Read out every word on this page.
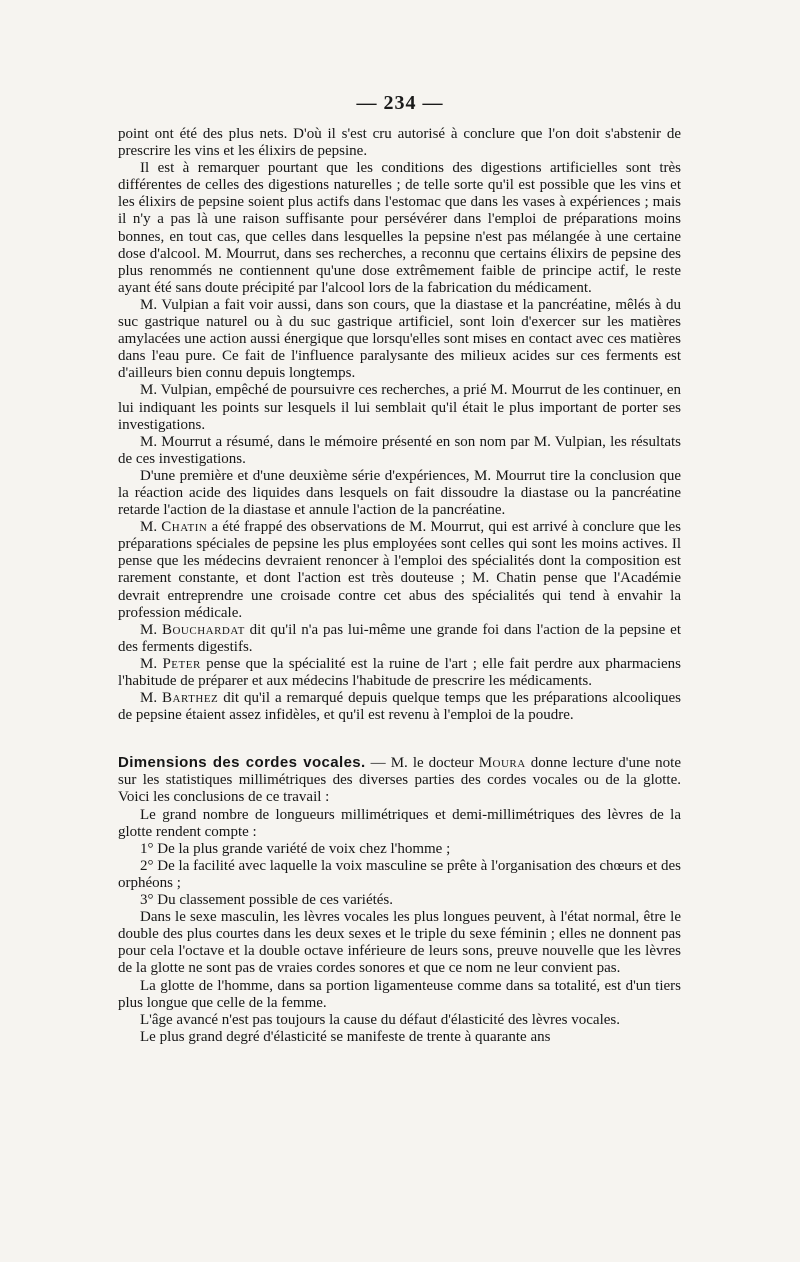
— 234 —

point ont été des plus nets. D'où il s'est cru autorisé à conclure que l'on doit s'abstenir de prescrire les vins et les élixirs de pepsine.

Il est à remarquer pourtant que les conditions des digestions artificielles sont très différentes de celles des digestions naturelles ; de telle sorte qu'il est possible que les vins et les élixirs de pepsine soient plus actifs dans l'estomac que dans les vases à expériences ; mais il n'y a pas là une raison suffisante pour persévérer dans l'emploi de préparations moins bonnes, en tout cas, que celles dans lesquelles la pepsine n'est pas mélangée à une certaine dose d'alcool. M. Mourrut, dans ses recherches, a reconnu que certains élixirs de pepsine des plus renommés ne contiennent qu'une dose extrêmement faible de principe actif, le reste ayant été sans doute précipité par l'alcool lors de la fabrication du médicament.

M. Vulpian a fait voir aussi, dans son cours, que la diastase et la pancréatine, mêlés à du suc gastrique naturel ou à du suc gastrique artificiel, sont loin d'exercer sur les matières amylacées une action aussi énergique que lorsqu'elles sont mises en contact avec ces matières dans l'eau pure. Ce fait de l'influence paralysante des milieux acides sur ces ferments est d'ailleurs bien connu depuis longtemps.

M. Vulpian, empêché de poursuivre ces recherches, a prié M. Mourrut de les continuer, en lui indiquant les points sur lesquels il lui semblait qu'il était le plus important de porter ses investigations.

M. Mourrut a résumé, dans le mémoire présenté en son nom par M. Vulpian, les résultats de ces investigations.

D'une première et d'une deuxième série d'expériences, M. Mourrut tire la conclusion que la réaction acide des liquides dans lesquels on fait dissoudre la diastase ou la pancréatine retarde l'action de la diastase et annule l'action de la pancréatine.

M. Chatin a été frappé des observations de M. Mourrut, qui est arrivé à conclure que les préparations spéciales de pepsine les plus employées sont celles qui sont les moins actives. Il pense que les médecins devraient renoncer à l'emploi des spécialités dont la composition est rarement constante, et dont l'action est très douteuse ; M. Chatin pense que l'Académie devrait entreprendre une croisade contre cet abus des spécialités qui tend à envahir la profession médicale.

M. Bouchardat dit qu'il n'a pas lui-même une grande foi dans l'action de la pepsine et des ferments digestifs.

M. Peter pense que la spécialité est la ruine de l'art ; elle fait perdre aux pharmaciens l'habitude de préparer et aux médecins l'habitude de prescrire les médicaments.

M. Barthez dit qu'il a remarqué depuis quelque temps que les préparations alcooliques de pepsine étaient assez infidèles, et qu'il est revenu à l'emploi de la poudre.

Dimensions des cordes vocales. — M. le docteur Moura donne lecture d'une note sur les statistiques millimétriques des diverses parties des cordes vocales ou de la glotte. Voici les conclusions de ce travail :

Le grand nombre de longueurs millimétriques et demi-millimétriques des lèvres de la glotte rendent compte :

1° De la plus grande variété de voix chez l'homme ;

2° De la facilité avec laquelle la voix masculine se prête à l'organisation des chœurs et des orphéons ;

3° Du classement possible de ces variétés.

Dans le sexe masculin, les lèvres vocales les plus longues peuvent, à l'état normal, être le double des plus courtes dans les deux sexes et le triple du sexe féminin ; elles ne donnent pas pour cela l'octave et la double octave inférieure de leurs sons, preuve nouvelle que les lèvres de la glotte ne sont pas de vraies cordes sonores et que ce nom ne leur convient pas.

La glotte de l'homme, dans sa portion ligamenteuse comme dans sa totalité, est d'un tiers plus longue que celle de la femme.

L'âge avancé n'est pas toujours la cause du défaut d'élasticité des lèvres vocales.

Le plus grand degré d'élasticité se manifeste de trente à quarante ans
